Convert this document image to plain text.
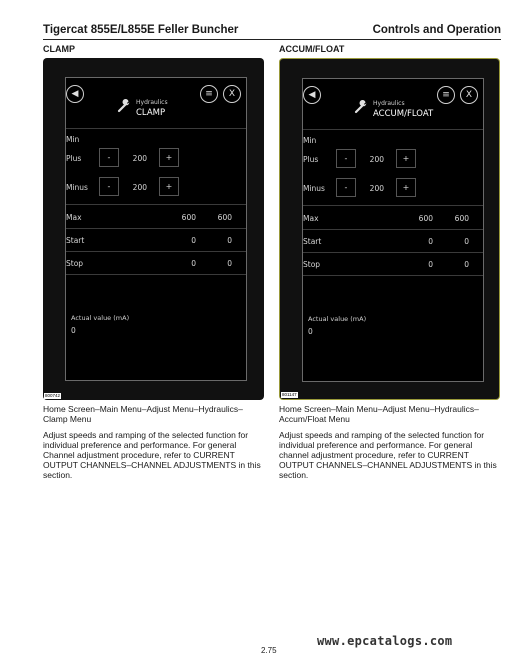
Tigercat 855E/L855E Feller Buncher	Controls and Operation
CLAMP
◀
Hydraulics
CLAMP
≡	X
Min
Plus	-	200	+
Minus	-	200	+
Max	600	600
Start	0	0
Stop	0	0
Actual value (mA)
0
800742
Home Screen–Main Menu–Adjust Menu–Hydraulics–Clamp Menu
Adjust speeds and ramping of the selected function for individual preference and performance. For general Channel adjustment procedure, refer to CURRENT OUTPUT CHANNELS–CHANNEL ADJUSTMENTS in this section.
ACCUM/FLOAT
◀
Hydraulics
ACCUM/FLOAT
≡	X
Min
Plus	-	200	+
Minus	-	200	+
Max	600	600
Start	0	0
Stop	0	0
Actual value (mA)
0
801147
Home Screen–Main Menu–Adjust Menu–Hydraulics–Accum/Float Menu
Adjust speeds and ramping of the selected function for individual preference and performance. For general channel adjustment procedure, refer to CURRENT OUTPUT CHANNELS–CHANNEL ADJUSTMENTS in this section.
www.epcatalogs.com
2.75
